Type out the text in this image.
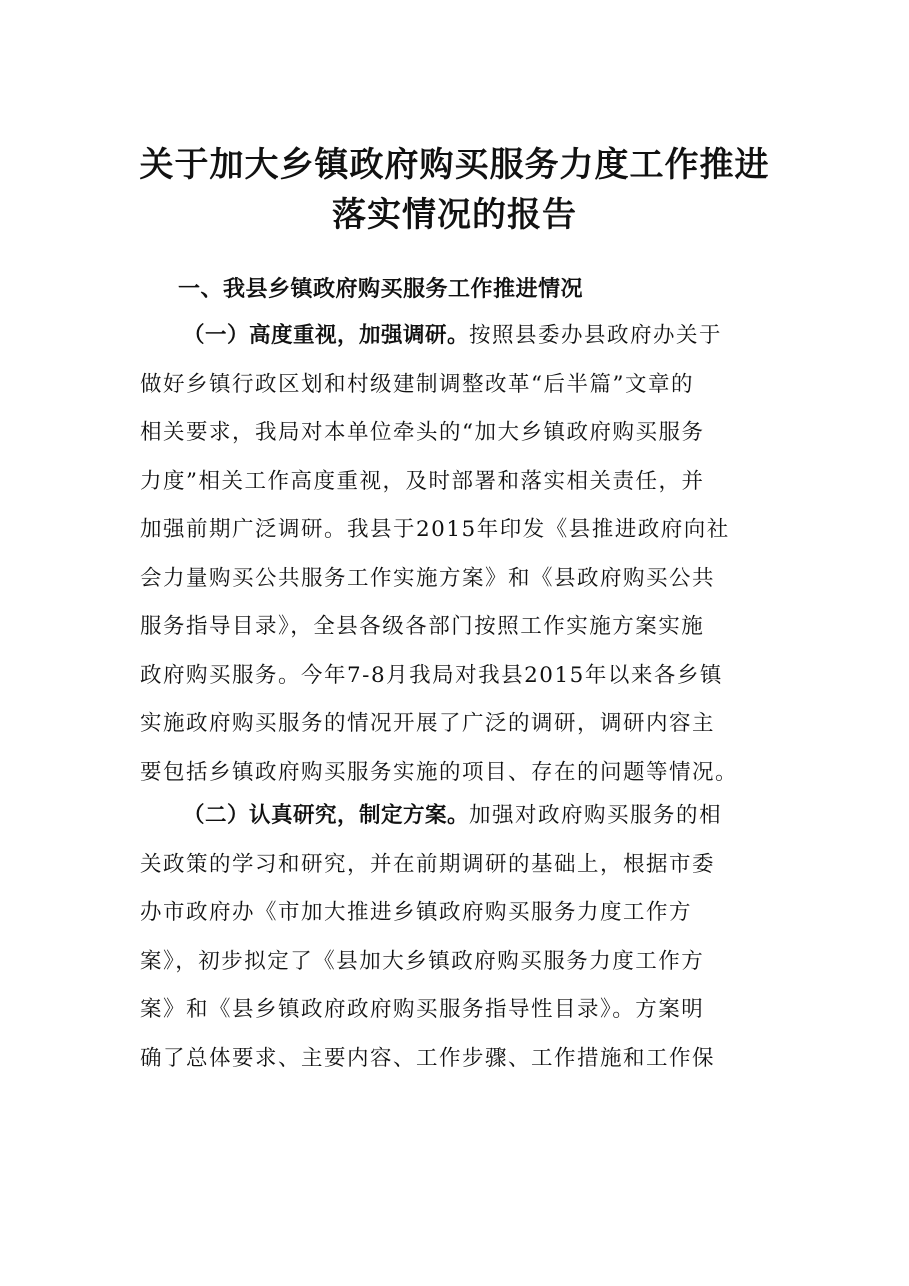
关于加大乡镇政府购买服务力度工作推进
落实情况的报告
一、我县乡镇政府购买服务工作推进情况
（一）高度重视，加强调研。按照县委办县政府办关于
做好乡镇行政区划和村级建制调整改革“后半篇”文章的
相关要求，我局对本单位牵头的“加大乡镇政府购买服务
力度”相关工作高度重视，及时部署和落实相关责任，并
加强前期广泛调研。我县于2015年印发《县推进政府向社
会力量购买公共服务工作实施方案》和《县政府购买公共
服务指导目录》，全县各级各部门按照工作实施方案实施
政府购买服务。今年7-8月我局对我县2015年以来各乡镇
实施政府购买服务的情况开展了广泛的调研，调研内容主
要包括乡镇政府购买服务实施的项目、存在的问题等情况。
（二）认真研究，制定方案。加强对政府购买服务的相
关政策的学习和研究，并在前期调研的基础上，根据市委
办市政府办《市加大推进乡镇政府购买服务力度工作方
案》，初步拟定了《县加大乡镇政府购买服务力度工作方
案》和《县乡镇政府政府购买服务指导性目录》。方案明
确了总体要求、主要内容、工作步骤、工作措施和工作保
